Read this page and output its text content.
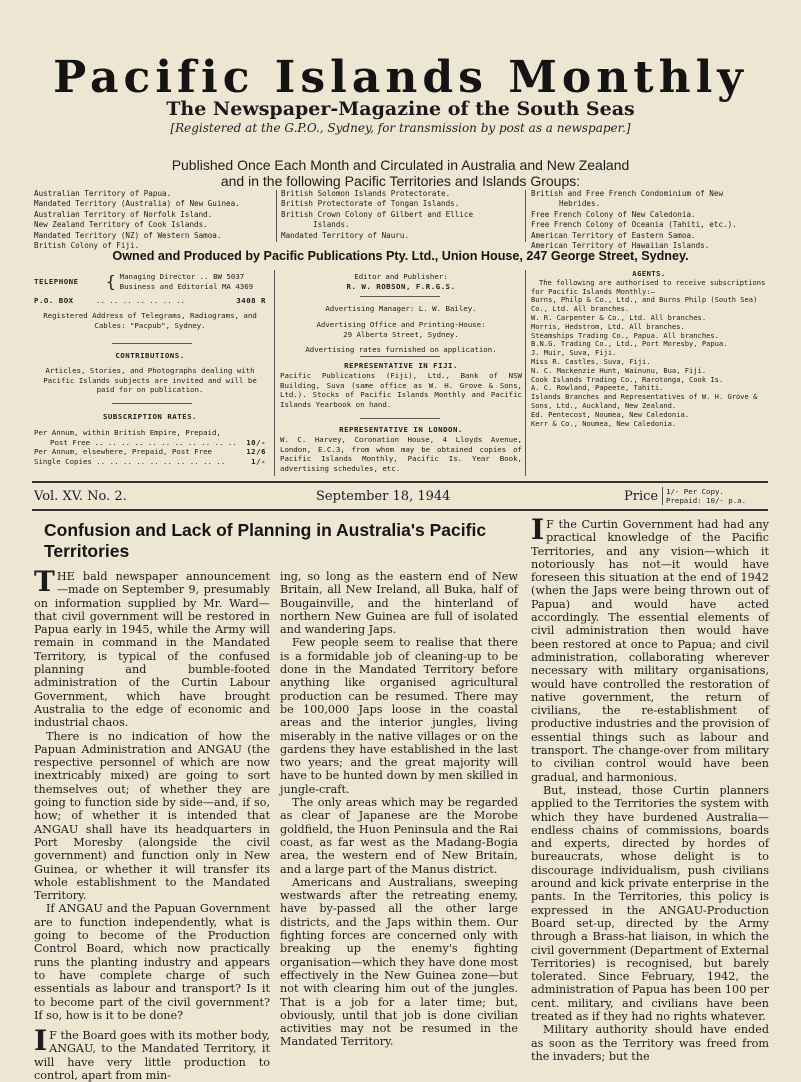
Pacific Islands Monthly
The Newspaper-Magazine of the South Seas
[Registered at the G.P.O., Sydney, for transmission by post as a newspaper.]
Published Once Each Month and Circulated in Australia and New Zealand
and in the following Pacific Territories and Islands Groups:
Australian Territory of Papua.
Mandated Territory (Australia) of New Guinea.
Australian Territory of Norfolk Island.
New Zealand Territory of Cook Islands.
Mandated Territory (NZ) of Western Samoa.
British Colony of Fiji.
British Solomon Islands Protectorate.
British Protectorate of Tongan Islands.
British Crown Colony of Gilbert and Ellice
Islands.
Mandated Territory of Nauru.
British and Free French Condominium of New
Hebrides.
Free French Colony of New Caledonia.
Free French Colony of Oceania (Tahiti, etc.).
American Territory of Eastern Samoa.
American Territory of Hawaiian Islands.
Owned and Produced by Pacific Publications Pty. Ltd., Union House, 247 George Street, Sydney.
TELEPHONE	{ Managing Director .. BW 5037
Business and Editorial MA 4369
P.O. BOX	.. .. .. .. .. .. ..	3408 R
Registered Address of Telegrams, Radiograms, and Cables: "Pacpub", Sydney.
CONTRIBUTIONS.
Articles, Stories, and Photographs dealing with Pacific Islands subjects are invited and will be paid for on publication.
SUBSCRIPTION RATES.
Per Annum, within British Empire, Prepaid,
Post Free .. .. .. .. .. .. .. .. .. .. .. 10/-
Per Annum, elsewhere, Prepaid, Post Free	12/6
Single Copies .. .. .. .. .. .. .. .. .. ..	1/-
Editor and Publisher:
R. W. ROBSON, F.R.G.S.
Advertising Manager: L. W. Bailey.
Advertising Office and Printing-House:
29 Alberta Street, Sydney.
Advertising rates furnished on application.
REPRESENTATIVE IN FIJI.
Pacific Publications (Fiji), Ltd., Bank of NSW Building, Suva (same office as W. H. Grove & Sons, Ltd.). Stocks of Pacific Islands Monthly and Pacific Islands Yearbook on hand.
REPRESENTATIVE IN LONDON.
W. C. Harvey, Coronation House, 4 Lloyds Avenue, London, E.C.3, from whom may be obtained copies of Pacific Islands Monthly, Pacific Is. Year Book, advertising schedules, etc.
AGENTS.
The following are authorised to receive subscriptions for Pacific Islands Monthly:—
Burns, Philp & Co., Ltd., and Burns Philp (South Sea) Co., Ltd. All branches.
W. R. Carpenter & Co., Ltd. All branches.
Morris, Hedstrom, Ltd. All branches.
Steamships Trading Co., Papua. All branches.
B.N.G. Trading Co., Ltd., Port Moresby, Papua.
J. Muir, Suva, Fiji.
Miss R. Castles, Suva, Fiji.
N. C. Mackenzie Hunt, Wainunu, Bua, Fiji.
Cook Islands Trading Co., Rarotonga, Cook Is.
A. C. Rowland, Papeete, Tahiti.
Islands Branches and Representatives of W. H. Grove & Sons, Ltd., Auckland, New Zealand.
Ed. Pentecost, Noumea, New Caledonia.
Kerr & Co., Noumea, New Caledonia.
Vol. XV. No. 2.	September 18, 1944	Price 1/- Per Copy.
Prepaid: 10/- p.a.
Confusion and Lack of Planning in Australia's Pacific Territories

THE bald newspaper announcement —made on September 9, presumably on information supplied by Mr. Ward—that civil government will be restored in Papua early in 1945, while the Army will remain in command in the Mandated Territory, is typical of the confused planning and bumble-footed administration of the Curtin Labour Government, which have brought Australia to the edge of economic and industrial chaos.

There is no indication of how the Papuan Administration and ANGAU (the respective personnel of which are now inextricably mixed) are going to sort themselves out; of whether they are going to function side by side—and, if so, how; of whether it is intended that ANGAU shall have its headquarters in Port Moresby (alongside the civil government) and function only in New Guinea, or whether it will transfer its whole establishment to the Mandated Territory.

If ANGAU and the Papuan Government are to function independently, what is going to become of the Production Control Board, which now practically runs the planting industry and appears to have complete charge of such essentials as labour and transport? Is it to become part of the civil government? If so, how is it to be done?

I F the Board goes with its mother body, ANGAU, to the Mandated Territory, it will have very little production to control, apart from min-

ing, so long as the eastern end of New Britain, all New Ireland, all Buka, half of Bougainville, and the hinterland of northern New Guinea are full of isolated and wandering Japs.

Few people seem to realise that there is a formidable job of cleaning-up to be done in the Mandated Territory before anything like organised agricultural production can be resumed. There may be 100,000 Japs loose in the coastal areas and the interior jungles, living miserably in the native villages or on the gardens they have established in the last two years; and the great majority will have to be hunted down by men skilled in jungle-craft.

The only areas which may be regarded as clear of Japanese are the Morobe goldfield, the Huon Peninsula and the Rai coast, as far west as the Madang-Bogia area, the western end of New Britain, and a large part of the Manus district.

Americans and Australians, sweeping westwards after the retreating enemy, have by-passed all the other large districts, and the Japs within them. Our fighting forces are concerned only with breaking up the enemy's fighting organisation—which they have done most effectively in the New Guinea zone—but not with clearing him out of the jungles. That is a job for a later time; but, obviously, until that job is done civilian activities may not be resumed in the Mandated Territory.

I F the Curtin Government had had any practical knowledge of the Pacific Territories, and any vision—which it notoriously has not—it would have foreseen this situation at the end of 1942 (when the Japs were being thrown out of Papua) and would have acted accordingly. The essential elements of civil administration then would have been restored at once to Papua; and civil administration, collaborating wherever necessary with military organisations, would have controlled the restoration of native government, the return of civilians, the re-establishment of productive industries and the provision of essential things such as labour and transport. The change-over from military to civilian control would have been gradual, and harmonious.

But, instead, those Curtin planners applied to the Territories the system with which they have burdened Australia—endless chains of commissions, boards and experts, directed by hordes of bureaucrats, whose delight is to discourage individualism, push civilians around and kick private enterprise in the pants. In the Territories, this policy is expressed in the ANGAU-Production Board set-up, directed by the Army through a Brass-hat liaison, in which the civil government (Department of External Territories) is recognised, but barely tolerated. Since February, 1942, the administration of Papua has been 100 per cent. military, and civilians have been treated as if they had no rights whatever.

Military authority should have ended as soon as the Territory was freed from the invaders; but the
